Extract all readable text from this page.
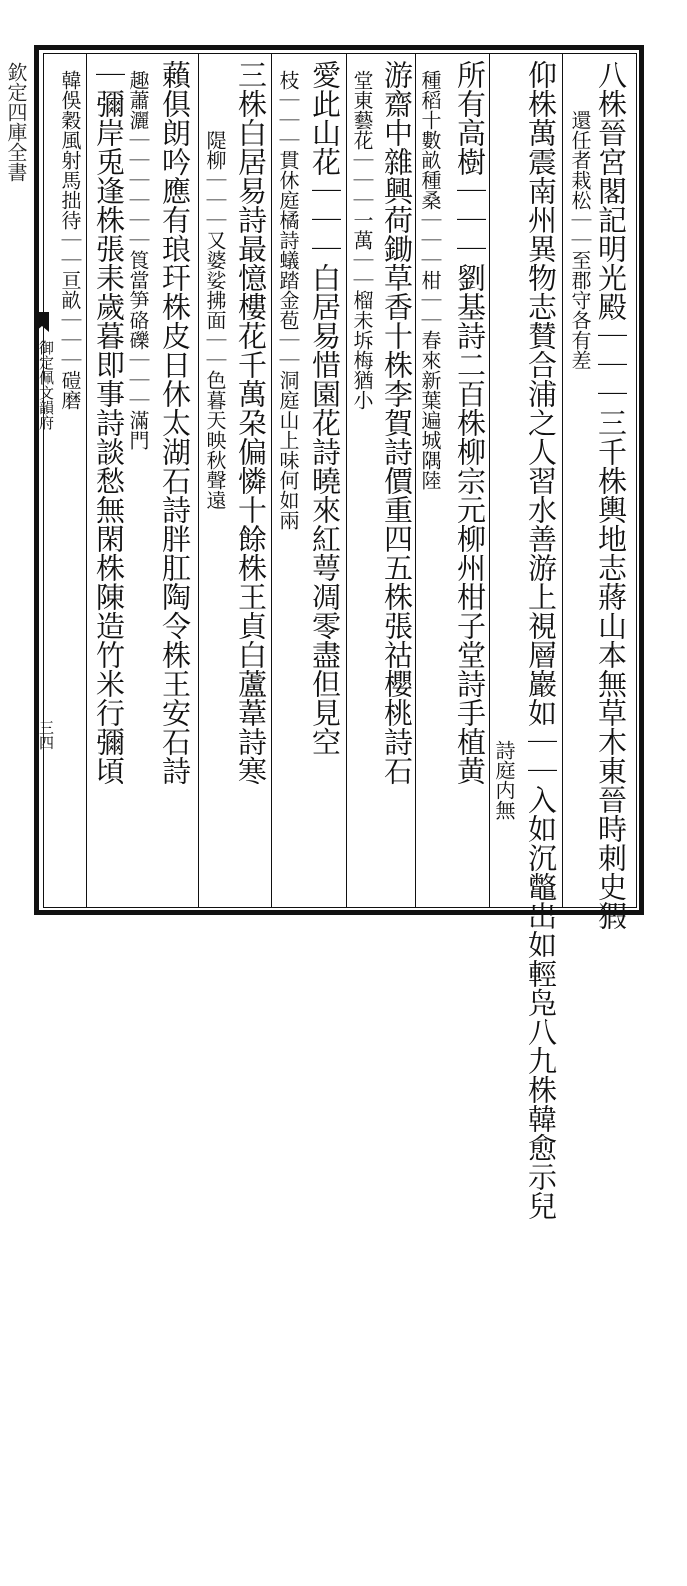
欽定四庫全書
御定佩文韻府
三四	八株晉宮閣記明光殿｜｜｜三千株輿地志蔣山本無草木東晉時刺史猳
還任者栽松｜｜至郡守各有差
仰株萬震南州異物志賛合浦之人習水善游上視層巖如｜｜入如沉鼈出如輕凫八九株韓愈示兒
詩庭内無
所有高樹｜｜｜劉基詩二百株柳宗元柳州柑子堂詩手植黄
種稻十數畝種桑｜｜｜柑｜｜春來新葉遍城隅陸
游齋中雜興荷鋤草香十株李賀詩價重四五株張祜櫻桃詩石
堂東藝花｜｜｜一萬｜｜榴未坼梅猶小
愛此山花｜｜｜白居易惜園花詩曉來紅萼凋零盡但見空
枝｜｜｜貫休庭橘詩蟻踏金苞｜｜洞庭山上味何如兩
三株白居易詩最憶樓花千萬朶偏憐十餘株王貞白蘆葦詩寒
隄柳｜｜｜又婆娑拂面｜｜色暮天映秋聲遠
藾俱朗吟應有琅玕株皮日休太湖石詩胖肛陶令株王安石詩
趣蕭灑｜｜｜｜｜｜筤當笋硌礫｜｜｜滿門
｜彌岸兎逢株張耒歲暮即事詩談愁無閑株陳造竹米行彌頃
韓俁穀風射馬拙待｜｜亘畝｜｜｜磑磨
